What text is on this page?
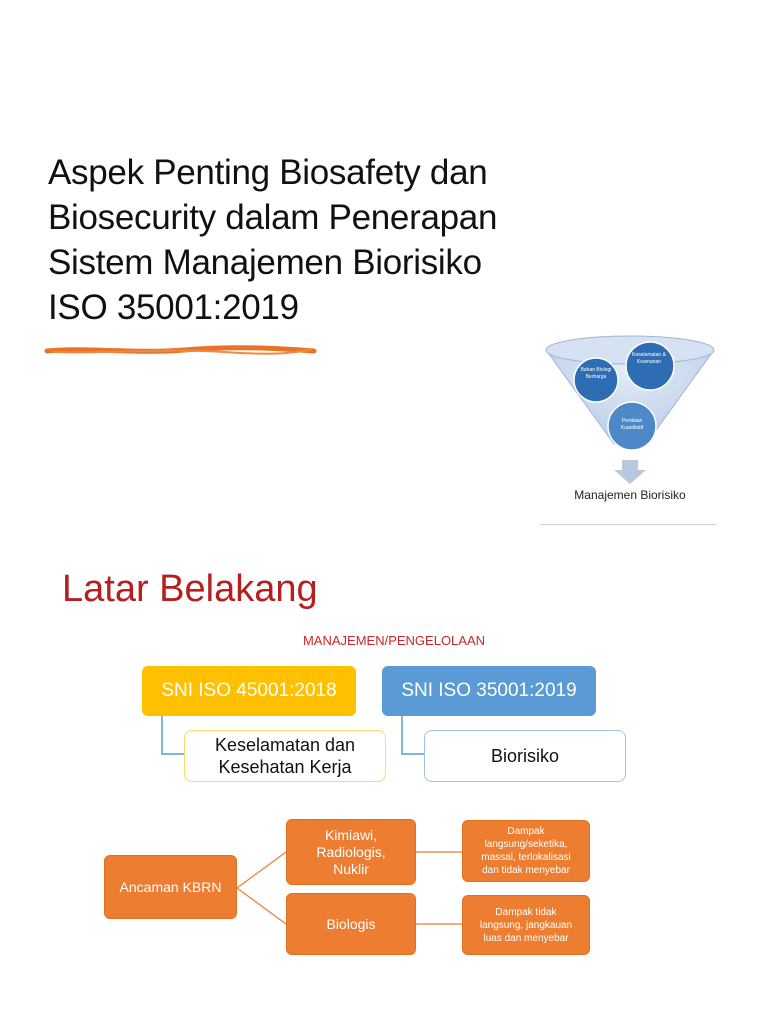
Aspek Penting Biosafety dan
Biosecurity dalam Penerapan
Sistem Manajemen Biorisiko
ISO 35001:2019
Bahan Biologi Berharga
Keselamatan & Keamanan
Penilaian Kuantitatif
Manajemen Biorisiko
Latar Belakang
MANAJEMEN/PENGELOLAAN
SNI ISO 45001:2018	SNI ISO 35001:2019
Keselamatan dan
Kesehatan Kerja
Biorisiko
Ancaman KBRN
Kimiawi,
Radiologis,
Nuklir
Biologis
Dampak
langsung/seketika,
massal, terlokalisasi
dan tidak menyebar
Dampak tidak
langsung, jangkauan
luas dan menyebar
